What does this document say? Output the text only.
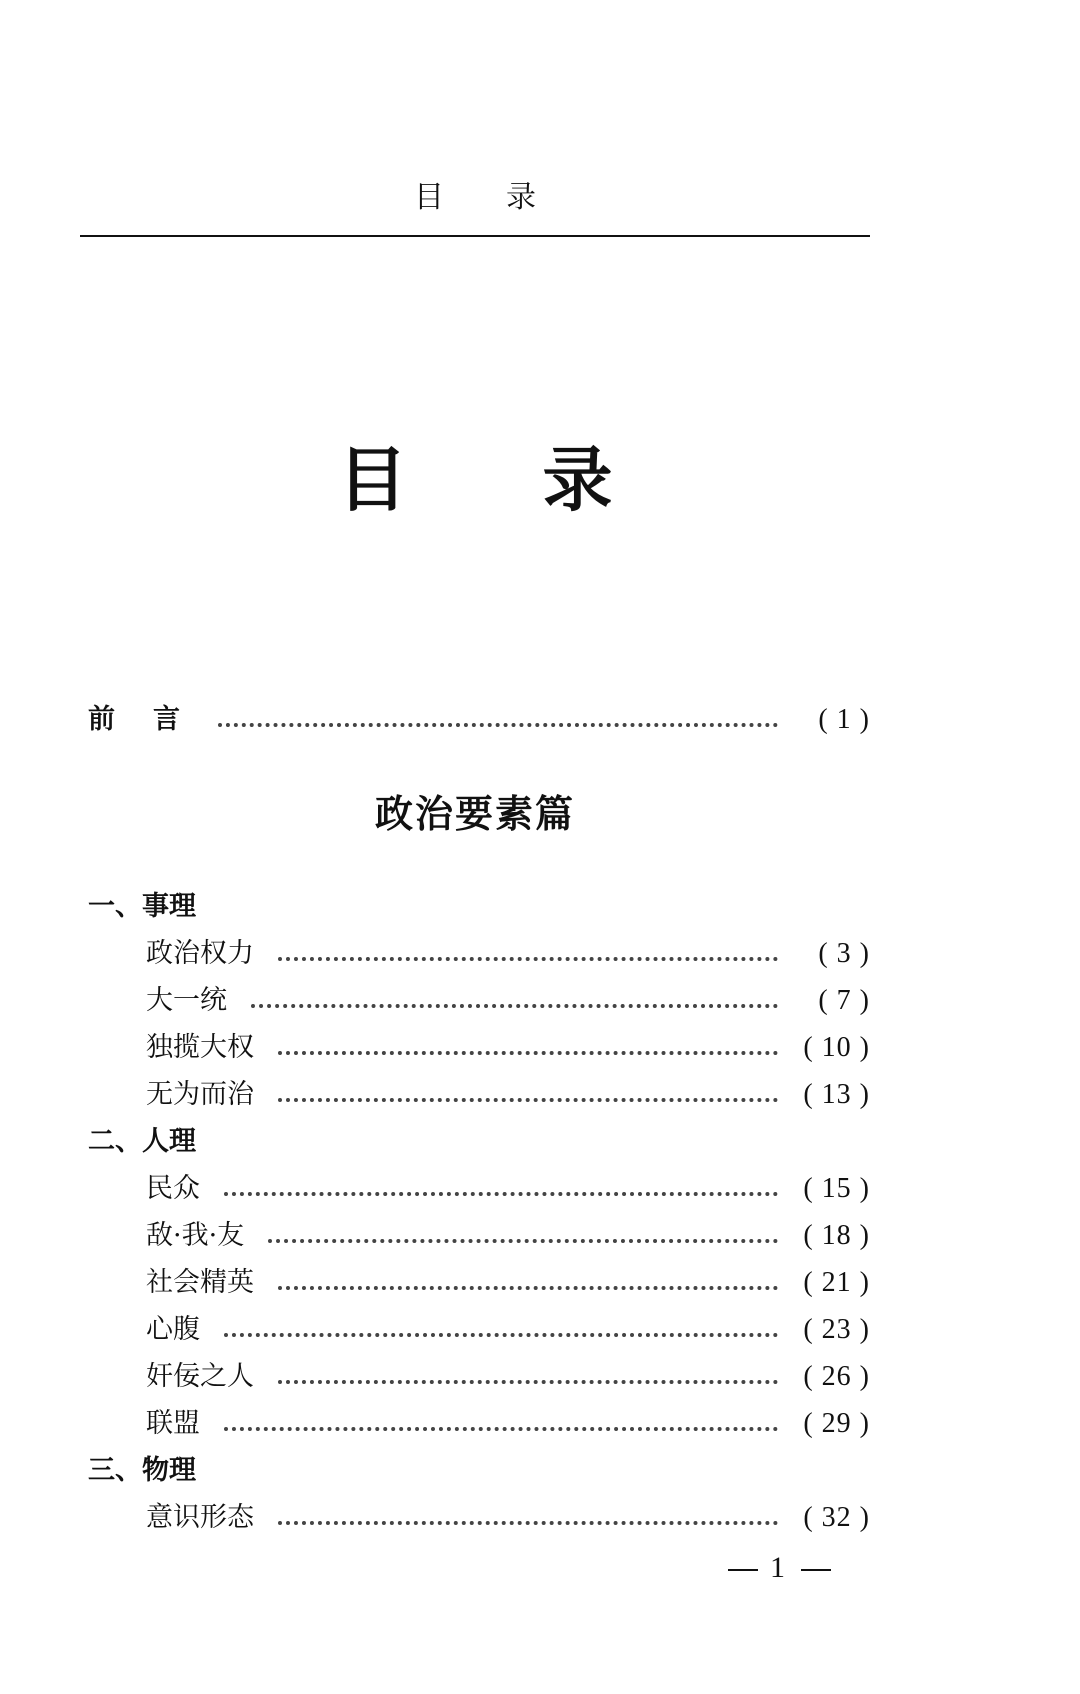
目录
目录
前言	( 1 )
政治要素篇
一、事理
政治权力	( 3 )
大一统	( 7 )
独揽大权	( 10 )
无为而治	( 13 )
二、人理
民众	( 15 )
敌·我·友	( 18 )
社会精英	( 21 )
心腹	( 23 )
奸佞之人	( 26 )
联盟	( 29 )
三、物理
意识形态	( 32 )
1
